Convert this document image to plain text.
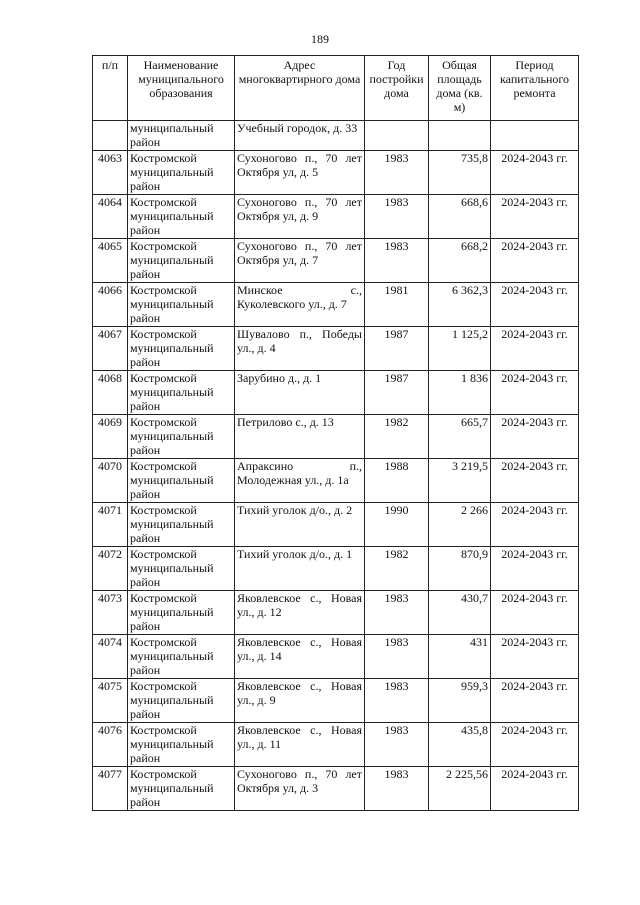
189
п/п	Наименование муниципального образования	Адрес многоквартирного дома	Год постройки дома	Общая площадь дома (кв. м)	Период капитального ремонта
	муниципальный район	Учебный городок, д. 33			
4063	Костромской муниципальный район	Сухоногово п., 70 лет Октября ул, д. 5	1983	735,8	2024-2043 гг.
4064	Костромской муниципальный район	Сухоногово п., 70 лет Октября ул, д. 9	1983	668,6	2024-2043 гг.
4065	Костромской муниципальный район	Сухоногово п., 70 лет Октября ул, д. 7	1983	668,2	2024-2043 гг.
4066	Костромской муниципальный район	Минское с., Куколевского ул., д. 7	1981	6 362,3	2024-2043 гг.
4067	Костромской муниципальный район	Шувалово п., Победы ул., д. 4	1987	1 125,2	2024-2043 гг.
4068	Костромской муниципальный район	Зарубино д., д. 1	1987	1 836	2024-2043 гг.
4069	Костромской муниципальный район	Петрилово с., д. 13	1982	665,7	2024-2043 гг.
4070	Костромской муниципальный район	Апраксино п., Молодежная ул., д. 1а	1988	3 219,5	2024-2043 гг.
4071	Костромской муниципальный район	Тихий уголок д/о., д. 2	1990	2 266	2024-2043 гг.
4072	Костромской муниципальный район	Тихий уголок д/о., д. 1	1982	870,9	2024-2043 гг.
4073	Костромской муниципальный район	Яковлевское с., Новая ул., д. 12	1983	430,7	2024-2043 гг.
4074	Костромской муниципальный район	Яковлевское с., Новая ул., д. 14	1983	431	2024-2043 гг.
4075	Костромской муниципальный район	Яковлевское с., Новая ул., д. 9	1983	959,3	2024-2043 гг.
4076	Костромской муниципальный район	Яковлевское с., Новая ул., д. 11	1983	435,8	2024-2043 гг.
4077	Костромской муниципальный район	Сухоногово п., 70 лет Октября ул, д. 3	1983	2 225,56	2024-2043 гг.
